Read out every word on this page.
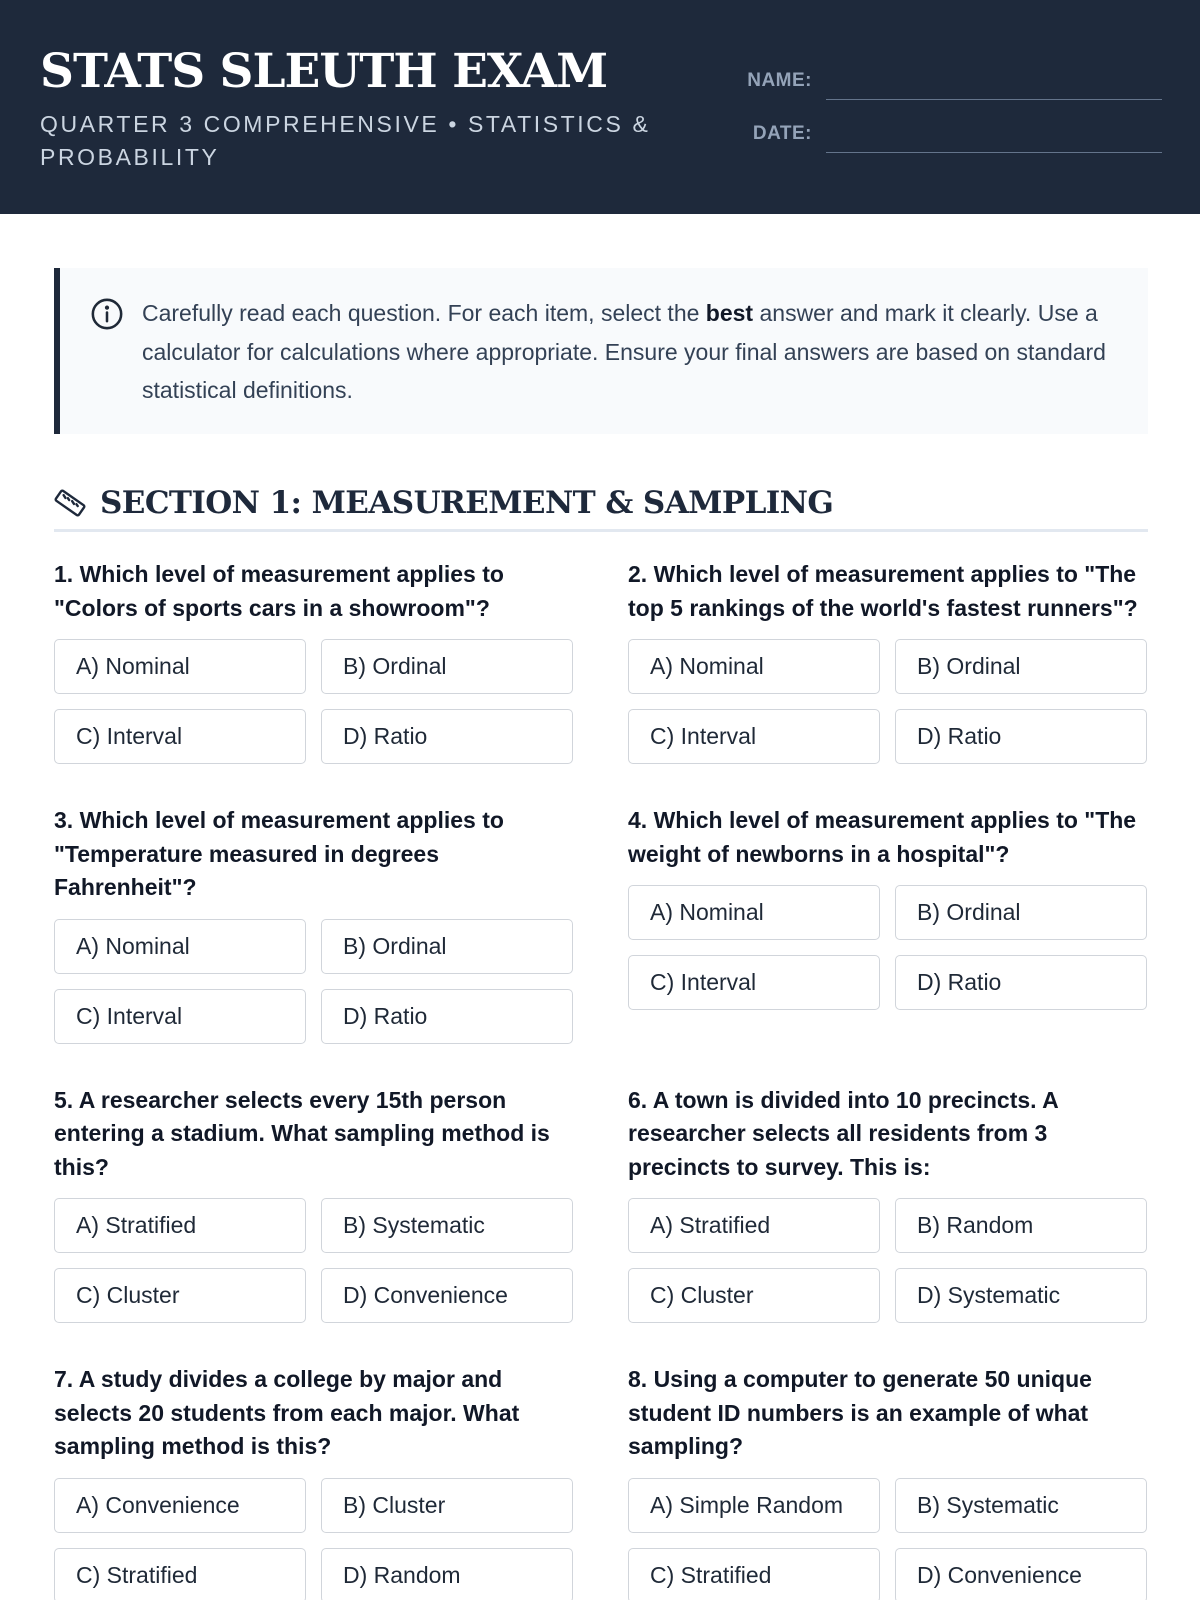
STATS SLEUTH EXAM
QUARTER 3 COMPREHENSIVE • STATISTICS & PROBABILITY
NAME:
DATE:
Carefully read each question. For each item, select the best answer and mark it clearly. Use a calculator for calculations where appropriate. Ensure your final answers are based on standard statistical definitions.
SECTION 1: MEASUREMENT & SAMPLING
1. Which level of measurement applies to "Colors of sports cars in a showroom"?
A) Nominal	B) Ordinal
C) Interval	D) Ratio
2. Which level of measurement applies to "The top 5 rankings of the world's fastest runners"?
A) Nominal	B) Ordinal
C) Interval	D) Ratio
3. Which level of measurement applies to "Temperature measured in degrees Fahrenheit"?
A) Nominal	B) Ordinal
C) Interval	D) Ratio
4. Which level of measurement applies to "The weight of newborns in a hospital"?
A) Nominal	B) Ordinal
C) Interval	D) Ratio
5. A researcher selects every 15th person entering a stadium. What sampling method is this?
A) Stratified	B) Systematic
C) Cluster	D) Convenience
6. A town is divided into 10 precincts. A researcher selects all residents from 3 precincts to survey. This is:
A) Stratified	B) Random
C) Cluster	D) Systematic
7. A study divides a college by major and selects 20 students from each major. What sampling method is this?
A) Convenience	B) Cluster
C) Stratified	D) Random
8. Using a computer to generate 50 unique student ID numbers is an example of what sampling?
A) Simple Random	B) Systematic
C) Stratified	D) Convenience
